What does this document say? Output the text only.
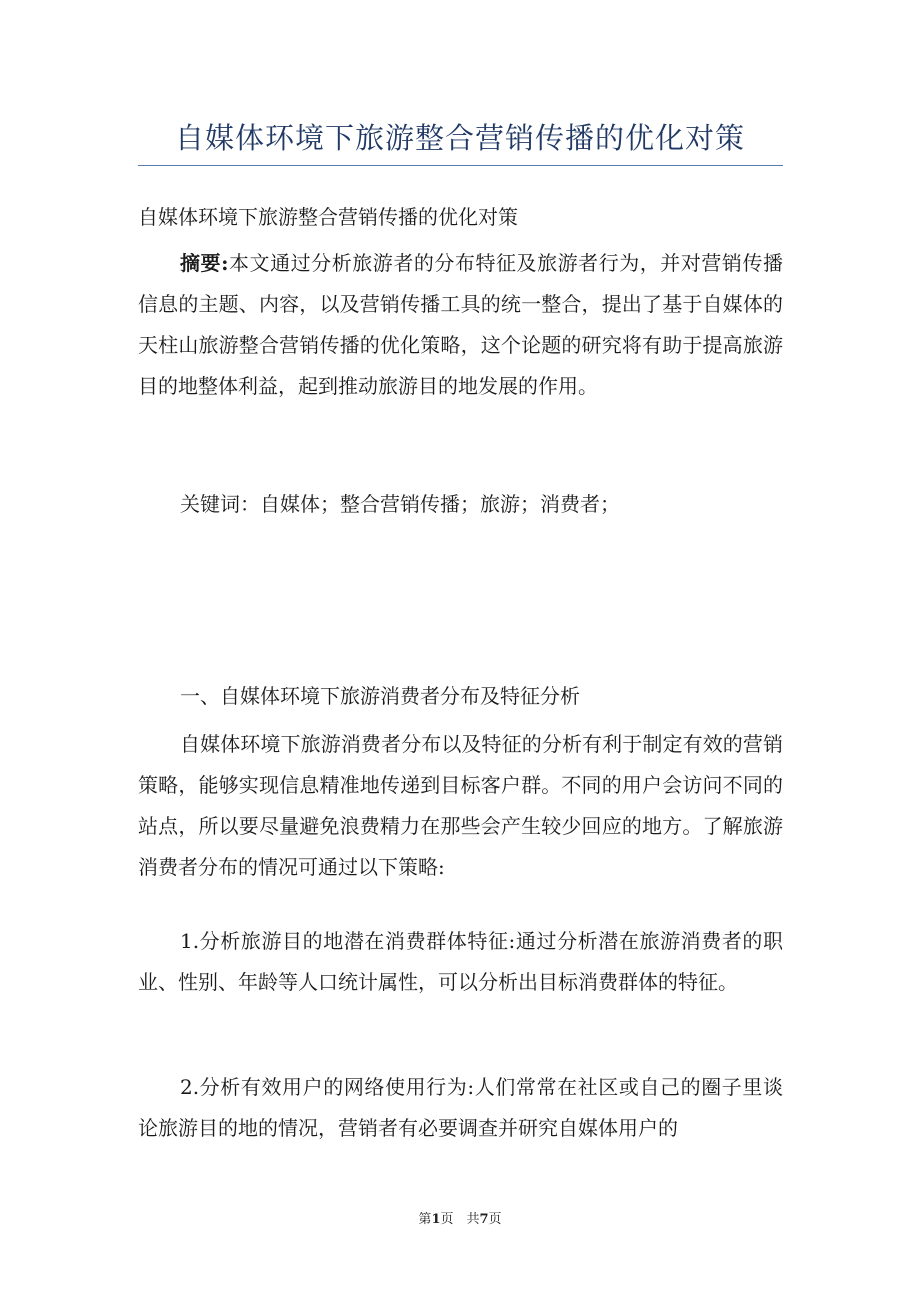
自媒体环境下旅游整合营销传播的优化对策

自媒体环境下旅游整合营销传播的优化对策

摘要:本文通过分析旅游者的分布特征及旅游者行为，并对营销传播信息的主题、内容，以及营销传播工具的统一整合，提出了基于自媒体的天柱山旅游整合营销传播的优化策略，这个论题的研究将有助于提高旅游目的地整体利益，起到推动旅游目的地发展的作用。

关键词：自媒体；整合营销传播；旅游；消费者；

一、自媒体环境下旅游消费者分布及特征分析

自媒体环境下旅游消费者分布以及特征的分析有利于制定有效的营销策略，能够实现信息精准地传递到目标客户群。不同的用户会访问不同的站点，所以要尽量避免浪费精力在那些会产生较少回应的地方。了解旅游消费者分布的情况可通过以下策略:

1.分析旅游目的地潜在消费群体特征:通过分析潜在旅游消费者的职业、性别、年龄等人口统计属性，可以分析出目标消费群体的特征。

2.分析有效用户的网络使用行为:人们常常在社区或自己的圈子里谈论旅游目的地的情况，营销者有必要调查并研究自媒体用户的

第1页　共7页
